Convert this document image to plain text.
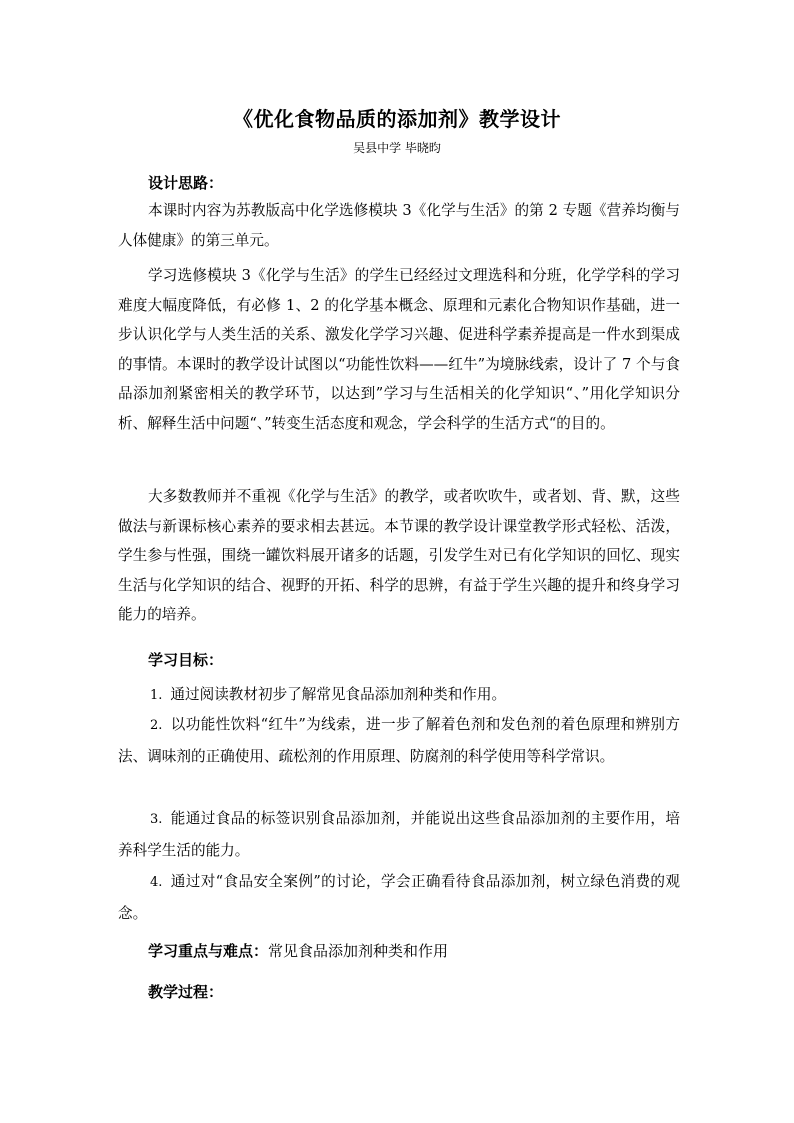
《优化食物品质的添加剂》教学设计
吴县中学 毕晓昀
设计思路：

本课时内容为苏教版高中化学选修模块 3《化学与生活》的第 2 专题《营养均衡与人体健康》的第三单元。

学习选修模块 3《化学与生活》的学生已经经过文理选科和分班，化学学科的学习难度大幅度降低，有必修 1、2 的化学基本概念、原理和元素化合物知识作基础，进一步认识化学与人类生活的关系、激发化学学习兴趣、促进科学素养提高是一件水到渠成的事情。本课时的教学设计试图以“功能性饮料——红牛”为境脉线索，设计了 7 个与食品添加剂紧密相关的教学环节，以达到”学习与生活相关的化学知识“、”用化学知识分析、解释生活中问题“、”转变生活态度和观念，学会科学的生活方式“的目的。

大多数教师并不重视《化学与生活》的教学，或者吹吹牛，或者划、背、默，这些做法与新课标核心素养的要求相去甚远。本节课的教学设计课堂教学形式轻松、活泼，学生参与性强，围绕一罐饮料展开诸多的话题，引发学生对已有化学知识的回忆、现实生活与化学知识的结合、视野的开拓、科学的思辨，有益于学生兴趣的提升和终身学习能力的培养。

学习目标：

1. 通过阅读教材初步了解常见食品添加剂种类和作用。

2. 以功能性饮料“红牛”为线索，进一步了解着色剂和发色剂的着色原理和辨别方法、调味剂的正确使用、疏松剂的作用原理、防腐剂的科学使用等科学常识。

3. 能通过食品的标签识别食品添加剂，并能说出这些食品添加剂的主要作用，培养科学生活的能力。

4. 通过对“食品安全案例”的讨论，学会正确看待食品添加剂，树立绿色消费的观念。

学习重点与难点：常见食品添加剂种类和作用
教学过程：
